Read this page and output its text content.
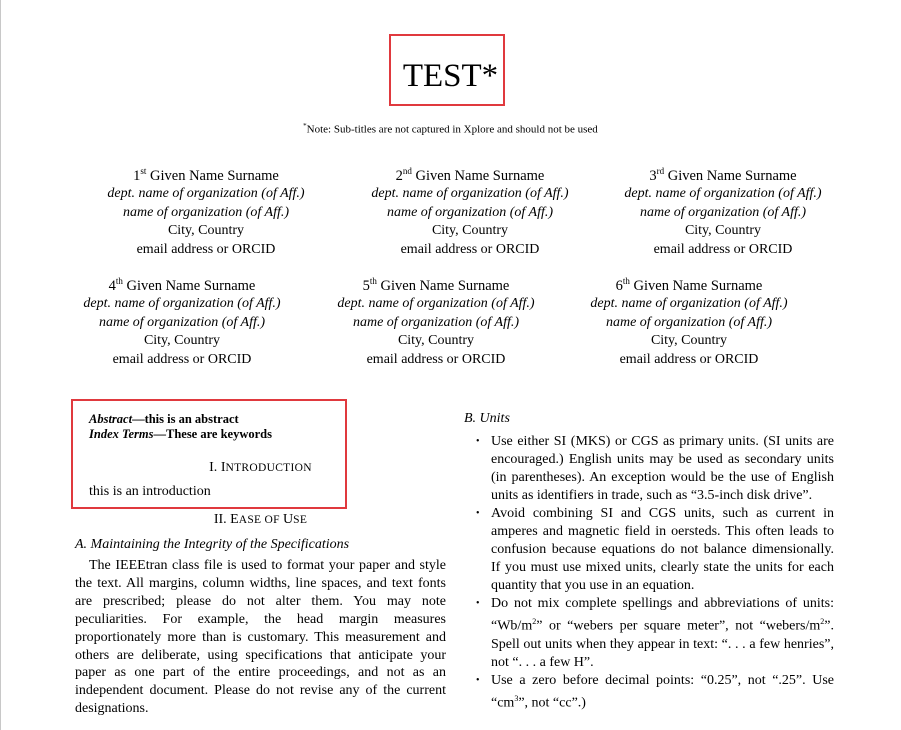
TEST*
*Note: Sub-titles are not captured in Xplore and should not be used
1st Given Name Surname
dept. name of organization (of Aff.)
name of organization (of Aff.)
City, Country
email address or ORCID
2nd Given Name Surname
dept. name of organization (of Aff.)
name of organization (of Aff.)
City, Country
email address or ORCID
3rd Given Name Surname
dept. name of organization (of Aff.)
name of organization (of Aff.)
City, Country
email address or ORCID
4th Given Name Surname
dept. name of organization (of Aff.)
name of organization (of Aff.)
City, Country
email address or ORCID
5th Given Name Surname
dept. name of organization (of Aff.)
name of organization (of Aff.)
City, Country
email address or ORCID
6th Given Name Surname
dept. name of organization (of Aff.)
name of organization (of Aff.)
City, Country
email address or ORCID
Abstract—this is an abstract
Index Terms—These are keywords
I. INTRODUCTION
this is an introduction
II. EASE OF USE
A. Maintaining the Integrity of the Specifications

The IEEEtran class file is used to format your paper and style the text. All margins, column widths, line spaces, and text fonts are prescribed; please do not alter them. You may note peculiarities. For example, the head margin measures proportionately more than is customary. This measurement and others are deliberate, using specifications that anticipate your paper as one part of the entire proceedings, and not as an independent document. Please do not revise any of the current designations.

B. Units
• Use either SI (MKS) or CGS as primary units. (SI units are encouraged.) English units may be used as secondary units (in parentheses). An exception would be the use of English units as identifiers in trade, such as “3.5-inch disk drive”.
• Avoid combining SI and CGS units, such as current in amperes and magnetic field in oersteds. This often leads to confusion because equations do not balance dimensionally. If you must use mixed units, clearly state the units for each quantity that you use in an equation.
• Do not mix complete spellings and abbreviations of units: “$Wb/m^2$” or “webers per square meter”, not “$webers/m^2$”. Spell out units when they appear in text: “. . . a few henries”, not “. . . a few H”.
• Use a zero before decimal points: “0.25”, not “.25”. Use “$cm^3$”, not “cc”.)
